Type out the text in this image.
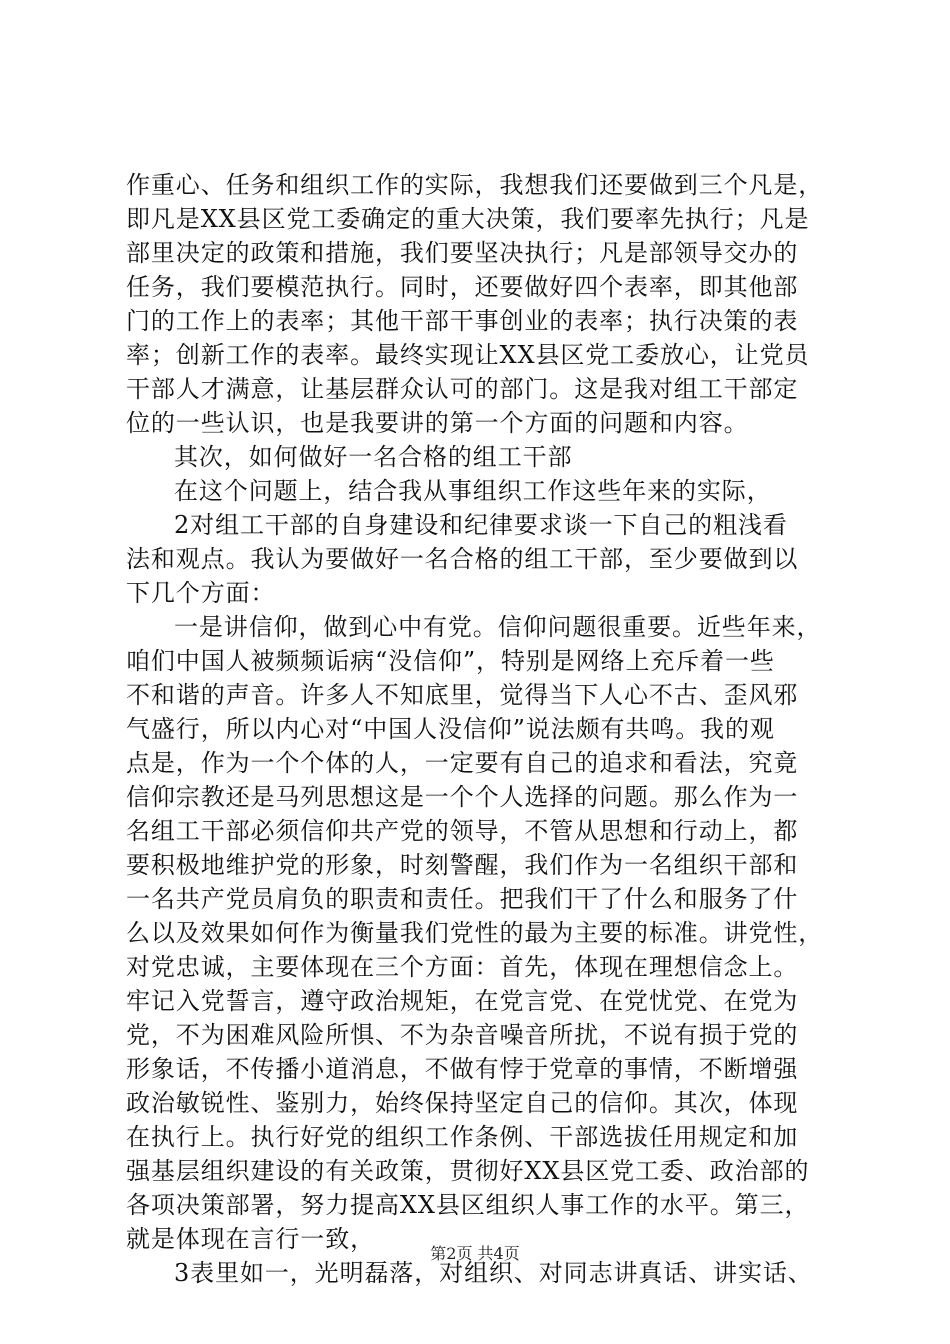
作重心、任务和组织工作的实际，我想我们还要做到三个凡是，
即凡是XX县区党工委确定的重大决策，我们要率先执行；凡是
部里决定的政策和措施，我们要坚决执行；凡是部领导交办的
任务，我们要模范执行。同时，还要做好四个表率，即其他部
门的工作上的表率；其他干部干事创业的表率；执行决策的表
率；创新工作的表率。最终实现让XX县区党工委放心，让党员
干部人才满意，让基层群众认可的部门。这是我对组工干部定
位的一些认识，也是我要讲的第一个方面的问题和内容。
其次，如何做好一名合格的组工干部
在这个问题上，结合我从事组织工作这些年来的实际，
2对组工干部的自身建设和纪律要求谈一下自己的粗浅看
法和观点。我认为要做好一名合格的组工干部，至少要做到以
下几个方面：
一是讲信仰，做到心中有党。信仰问题很重要。近些年来，
咱们中国人被频频诟病“没信仰”，特别是网络上充斥着一些
不和谐的声音。许多人不知底里，觉得当下人心不古、歪风邪
气盛行，所以内心对“中国人没信仰”说法颇有共鸣。我的观
点是，作为一个个体的人，一定要有自己的追求和看法，究竟
信仰宗教还是马列思想这是一个个人选择的问题。那么作为一
名组工干部必须信仰共产党的领导，不管从思想和行动上，都
要积极地维护党的形象，时刻警醒，我们作为一名组织干部和
一名共产党员肩负的职责和责任。把我们干了什么和服务了什
么以及效果如何作为衡量我们党性的最为主要的标准。讲党性，
对党忠诚，主要体现在三个方面：首先，体现在理想信念上。
牢记入党誓言，遵守政治规矩，在党言党、在党忧党、在党为
党，不为困难风险所惧、不为杂音噪音所扰，不说有损于党的
形象话，不传播小道消息，不做有悖于党章的事情，不断增强
政治敏锐性、鉴别力，始终保持坚定自己的信仰。其次，体现
在执行上。执行好党的组织工作条例、干部选拔任用规定和加
强基层组织建设的有关政策，贯彻好XX县区党工委、政治部的
各项决策部署，努力提高XX县区组织人事工作的水平。第三，
就是体现在言行一致，
3表里如一，光明磊落，对组织、对同志讲真话、讲实话、
第2页 共4页
